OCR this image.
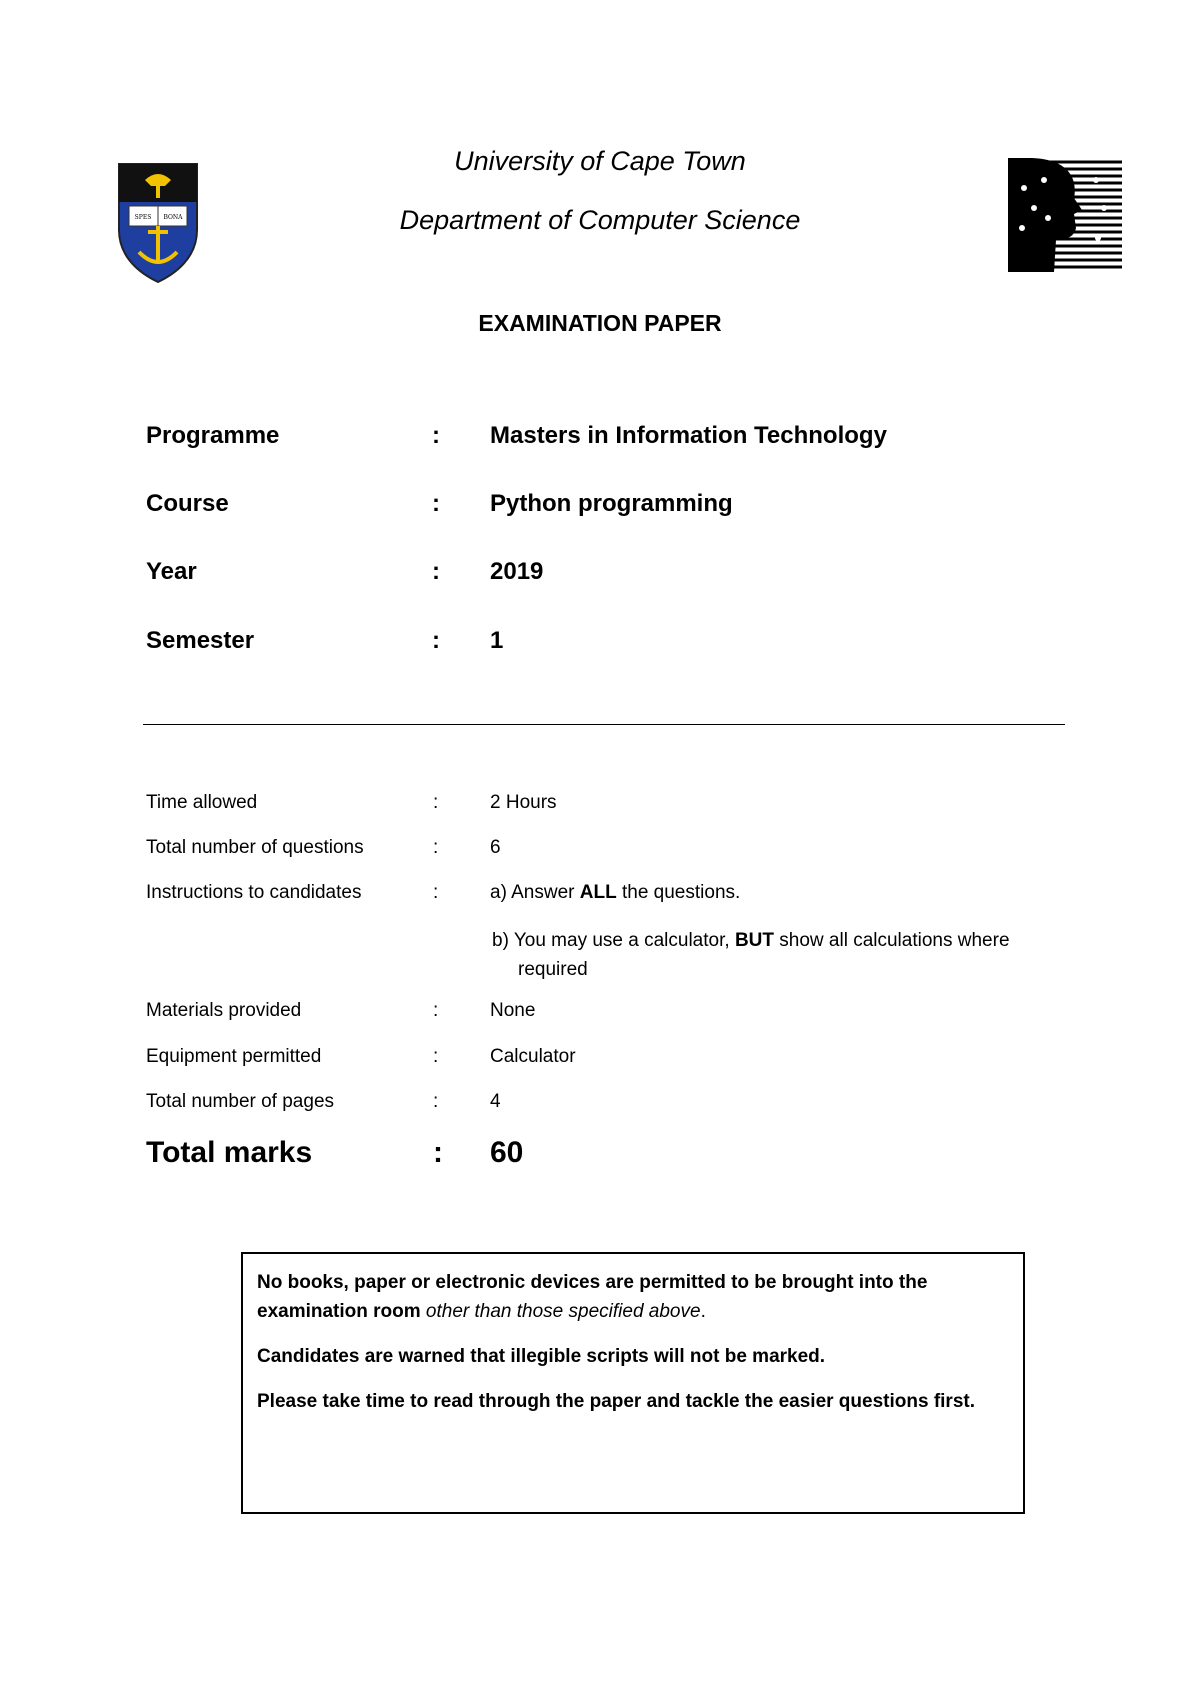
SPES BONA
University of Cape Town
Department of Computer Science
EXAMINATION PAPER
Programme	: Masters in Information Technology
Course	: Python programming
Year	: 2019
Semester	: 1
Time allowed	:	2 Hours
Total number of questions	:	6
Instructions to candidates	:	a) Answer ALL the questions.
b) You may use a calculator, BUT show all calculations where required
Materials provided	:	None
Equipment permitted	:	Calculator
Total number of pages	:	4
Total marks	: 60

No books, paper or electronic devices are permitted to be brought into the examination room other than those specified above.

Candidates are warned that illegible scripts will not be marked.

Please take time to read through the paper and tackle the easier questions first.
